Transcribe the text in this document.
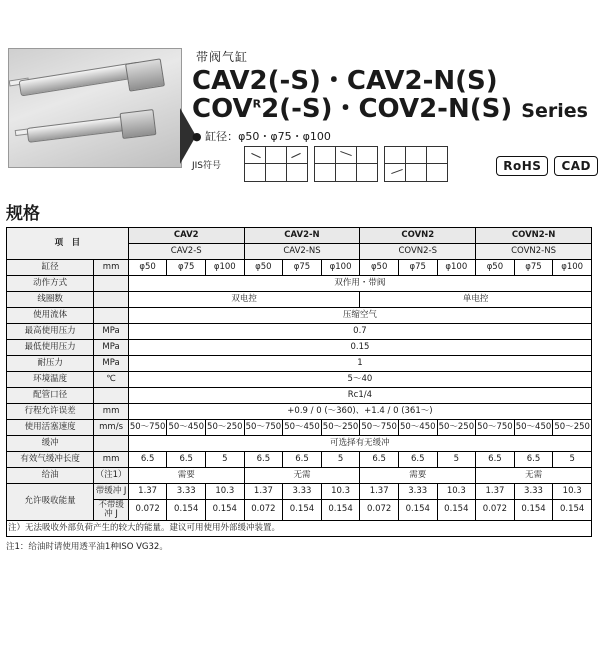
带阀气缸
CAV2(-S)・CAV2-N(S)
$COV^R2(-S)$・COV2-N(S) Series
● 缸径：φ50・φ75・φ100
JIS符号	RoHS	CAD
规格
项　目		CAV2			CAV2-N			COVN2			COVN2-N		

		CAV2-S			CAV2-NS			COVN2-S			COVN2-NS		
缸径	mm	φ50	φ75	φ100	φ50	φ75	φ100	φ50	φ75	φ100	φ50	φ75	φ100
动作方式		双作用・带阀											
线圈数		双电控						单电控					
使用流体		压缩空气											
最高使用压力	MPa	0.7											
最低使用压力	MPa	0.15											
耐压力	MPa	1											
环境温度	℃	5～40											
配管口径		Rc1/4											
行程允许误差	mm	+0.9 / 0 (～360)、+1.4 / 0 (361～)											
使用活塞速度	mm/s	50～750	50～450	50～250	50～750	50～450	50～250	50～750	50～450	50～250	50～750	50～450	50～250
缓冲		可选择有无缓冲											
有效气缓冲长度	mm	6.5	6.5	5	6.5	6.5	5	6.5	6.5	5	6.5	6.5	5
给油	（注1）	需要			无需			需要			无需		
允许吸收能量	带缓冲 J	1.37	3.33	10.3	1.37	3.33	10.3	1.37	3.33	10.3	1.37	3.33	10.3
	不带缓冲 J	0.072	0.154	0.154	0.072	0.154	0.154	0.072	0.154	0.154	0.072	0.154	0.154
注）无法吸收外部负荷产生的较大的能量。建议可用使用外部缓冲装置。													
注1：给油时请使用透平油1种ISO VG32。
